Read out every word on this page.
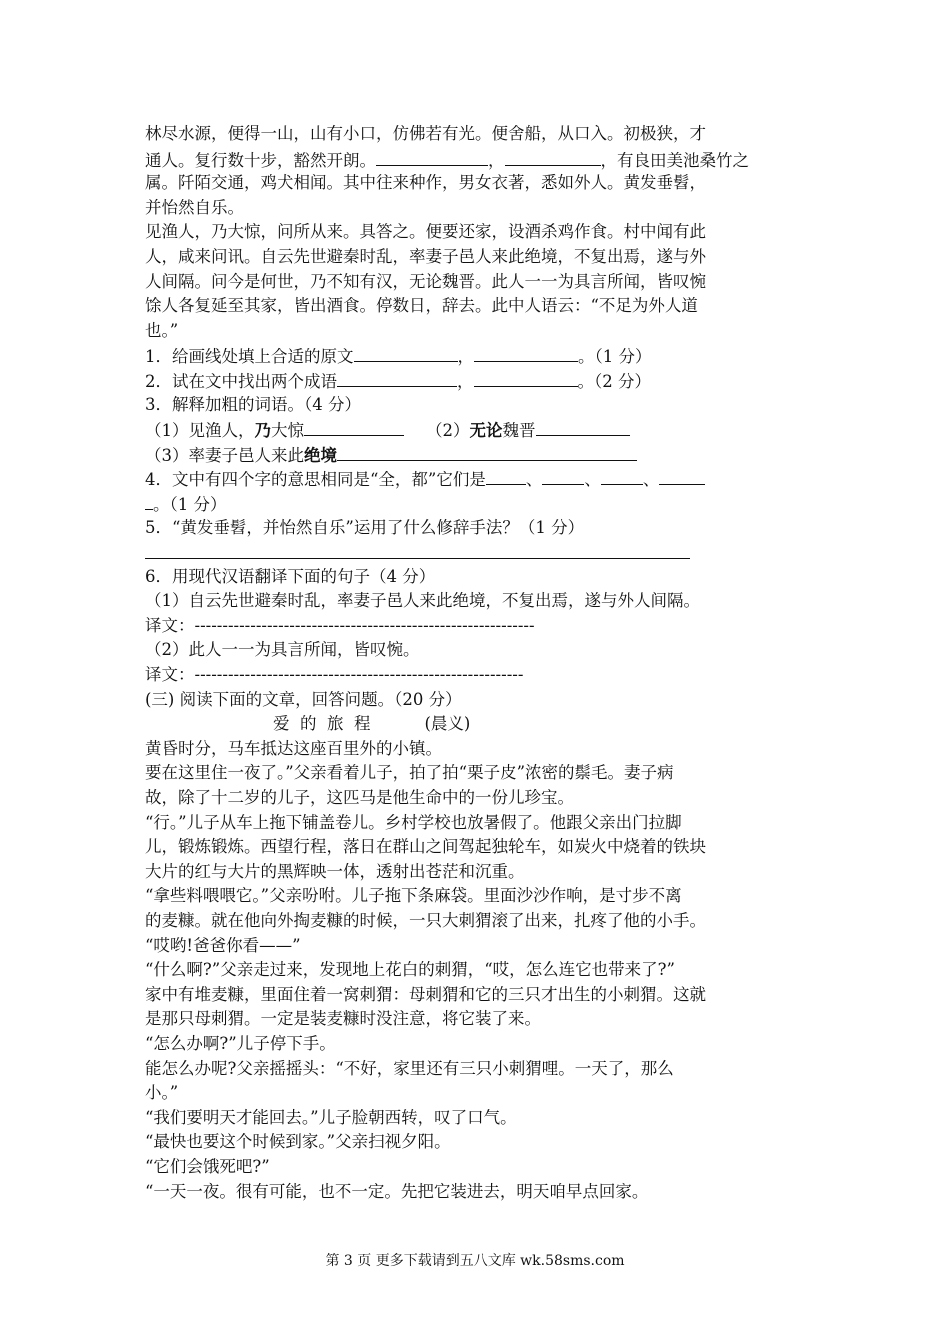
林尽水源，便得一山，山有小口，仿佛若有光。便舍船，从口入。初极狭，才
通人。复行数十步，豁然开朗。	，	，有良田美池桑竹之
属。阡陌交通，鸡犬相闻。其中往来种作，男女衣著，悉如外人。黄发垂髫，
并怡然自乐。
见渔人，乃大惊，问所从来。具答之。便要还家，设酒杀鸡作食。村中闻有此
人，咸来问讯。自云先世避秦时乱，率妻子邑人来此绝境，不复出焉，遂与外
人间隔。问今是何世，乃不知有汉，无论魏晋。此人一一为具言所闻，皆叹惋
馀人各复延至其家，皆出酒食。停数日，辞去。此中人语云：“不足为外人道
也。”
1．给画线处填上合适的原文	，	。（1 分）
2．试在文中找出两个成语	，	。（2 分）
3．解释加粗的词语。（4 分）
（1）见渔人，乃大惊	（2）无论魏晋
（3）率妻子邑人来此绝境
4．文中有四个字的意思相同是“全，都”它们是 、	、	、
。（1 分）
5．“黄发垂髫，并怡然自乐”运用了什么修辞手法？（1 分）
6．用现代汉语翻译下面的句子（4 分）
（1）自云先世避秦时乱，率妻子邑人来此绝境，不复出焉，遂与外人间隔。
译文：-------------------------------------------------------------
（2）此人一一为具言所闻，皆叹惋。
译文：-----------------------------------------------------------
(三) 阅读下面的文章，回答问题。（20 分）
爱  的  旅  程	(晨义)
黄昏时分，马车抵达这座百里外的小镇。
要在这里住一夜了。”父亲看着儿子，拍了拍“栗子皮”浓密的鬃毛。妻子病
故，除了十二岁的儿子，这匹马是他生命中的一份儿珍宝。
“行。”儿子从车上拖下铺盖卷儿。乡村学校也放暑假了。他跟父亲出门拉脚
儿，锻炼锻炼。西望行程，落日在群山之间驾起独轮车，如炭火中烧着的铁块
大片的红与大片的黑辉映一体，透射出苍茫和沉重。
“拿些料喂喂它。”父亲吩咐。儿子拖下条麻袋。里面沙沙作响，是寸步不离
的麦糠。就在他向外掏麦糠的时候，一只大刺猬滚了出来，扎疼了他的小手。
“哎哟!爸爸你看——”
“什么啊?”父亲走过来，发现地上花白的刺猬，“哎，怎么连它也带来了?”
家中有堆麦糠，里面住着一窝刺猬：母刺猬和它的三只才出生的小刺猬。这就
是那只母刺猬。一定是装麦糠时没注意，将它装了来。
“怎么办啊?”儿子停下手。
能怎么办呢?父亲摇摇头：“不好，家里还有三只小刺猬哩。一天了，那么
小。”
“我们要明天才能回去。”儿子脸朝西转，叹了口气。
“最快也要这个时候到家。”父亲扫视夕阳。
“它们会饿死吧?”
“一天一夜。很有可能，也不一定。先把它装进去，明天咱早点回家。
第 3 页 更多下载请到五八文库 wk.58sms.com
